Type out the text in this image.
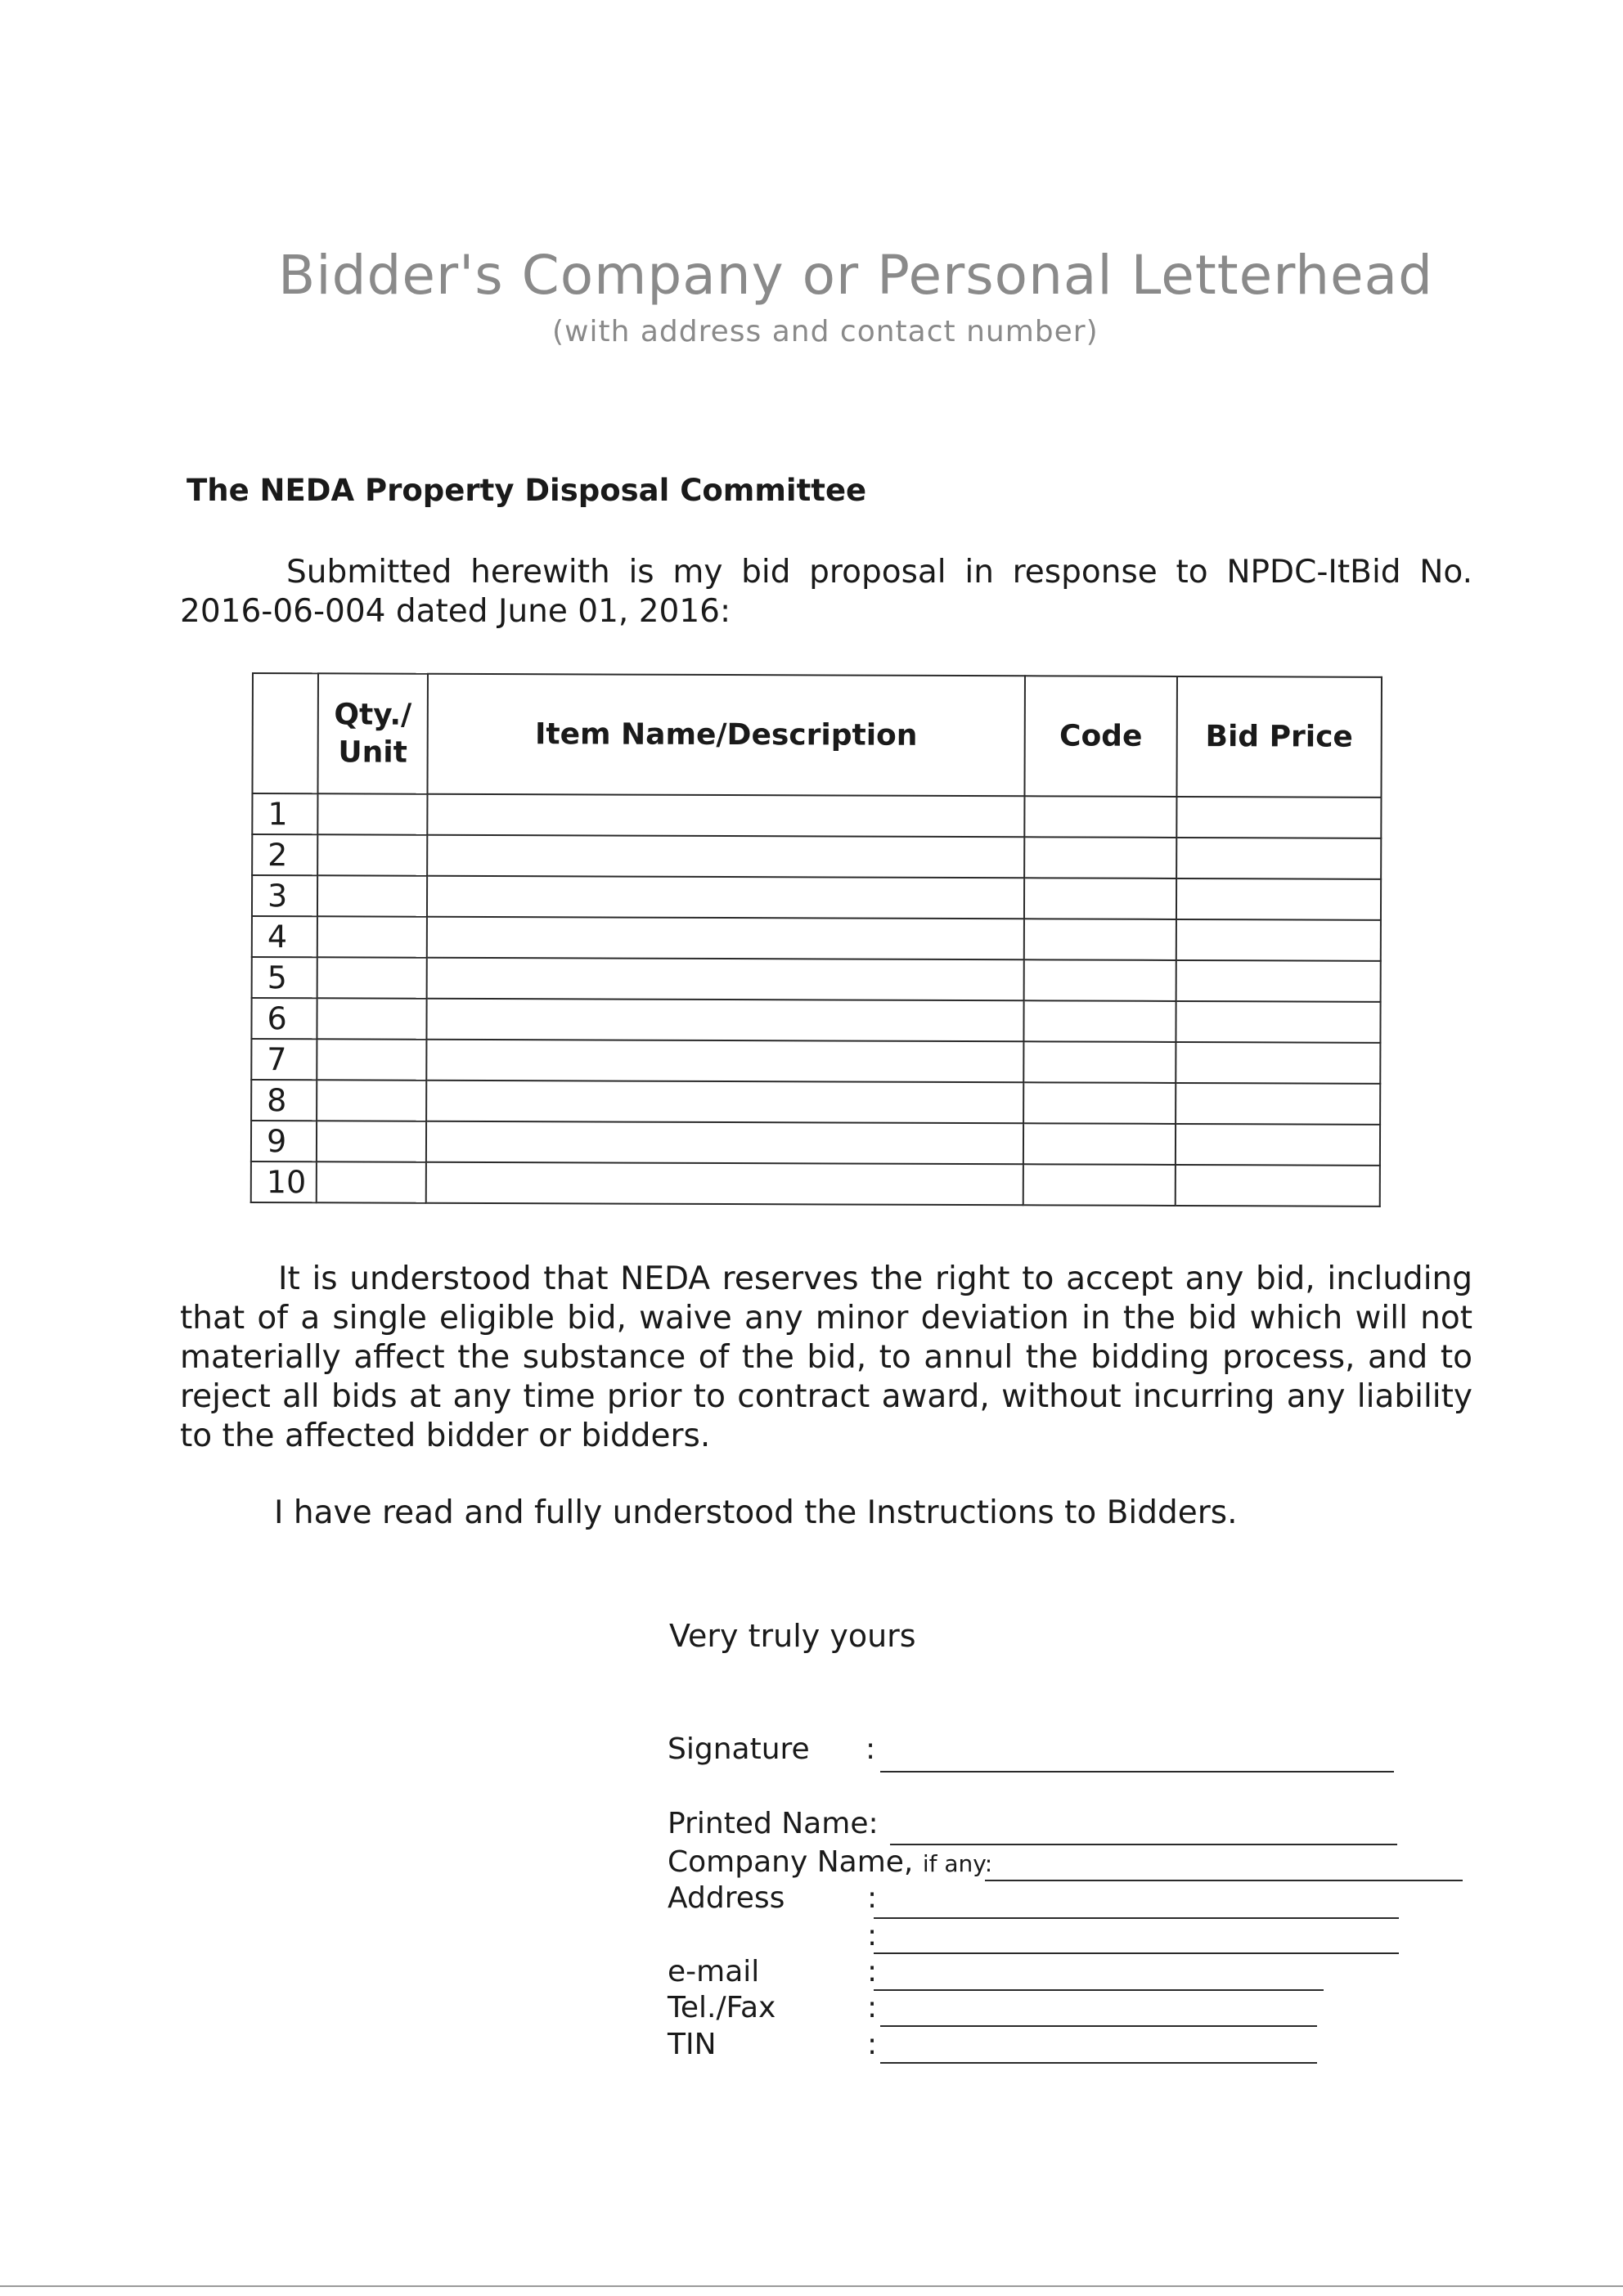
Bidder's Company or Personal Letterhead
(with address and contact number)
The NEDA Property Disposal Committee
Submitted herewith is my bid proposal in response to NPDC-ItBid No. 2016-06-004 dated June 01, 2016:
	Qty./ Unit	Item Name/Description	Code	Bid Price
1				
2				
3				
4				
5				
6				
7				
8				
9				
10				
It is understood that NEDA reserves the right to accept any bid, including that of a single eligible bid, waive any minor deviation in the bid which will not materially affect the substance of the bid, to annul the bidding process, and to reject all bids at any time prior to contract award, without incurring any liability to the affected bidder or bidders.
I have read and fully understood the Instructions to Bidders.
Very truly yours
Signature :
Printed Name:
Company Name, if any:
Address	:
:
e-mail	:
Tel./Fax	:
TIN	:
